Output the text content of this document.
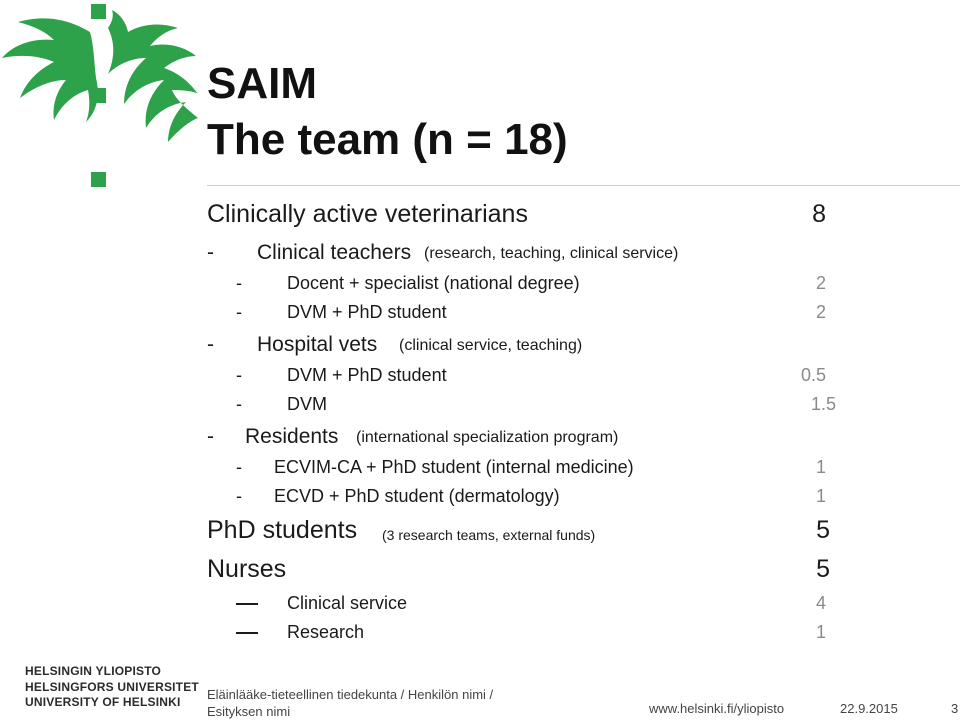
SAIM
The team (n = 18)
Clinically active veterinarians	8
- Clinical teachers (research, teaching, clinical service)
-	Docent + specialist (national degree)	2
-	DVM + PhD student	2
- Hospital vets (clinical service, teaching)
-	DVM + PhD student	0.5
-	DVM	1.5
- Residents (international specialization program)
- ECVIM-CA + PhD student (internal medicine)	1
- ECVD + PhD student (dermatology)	1
PhD students (3 research teams, external funds)	5
Nurses	5
Clinical service	4
Research	1
HELSINGIN YLIOPISTO
HELSINGFORS UNIVERSITET
UNIVERSITY OF HELSINKI	Eläinlääke-tieteellinen tiedekunta / Henkilön nimi / Esityksen nimi	www.helsinki.fi/yliopisto	22.9.2015	3
